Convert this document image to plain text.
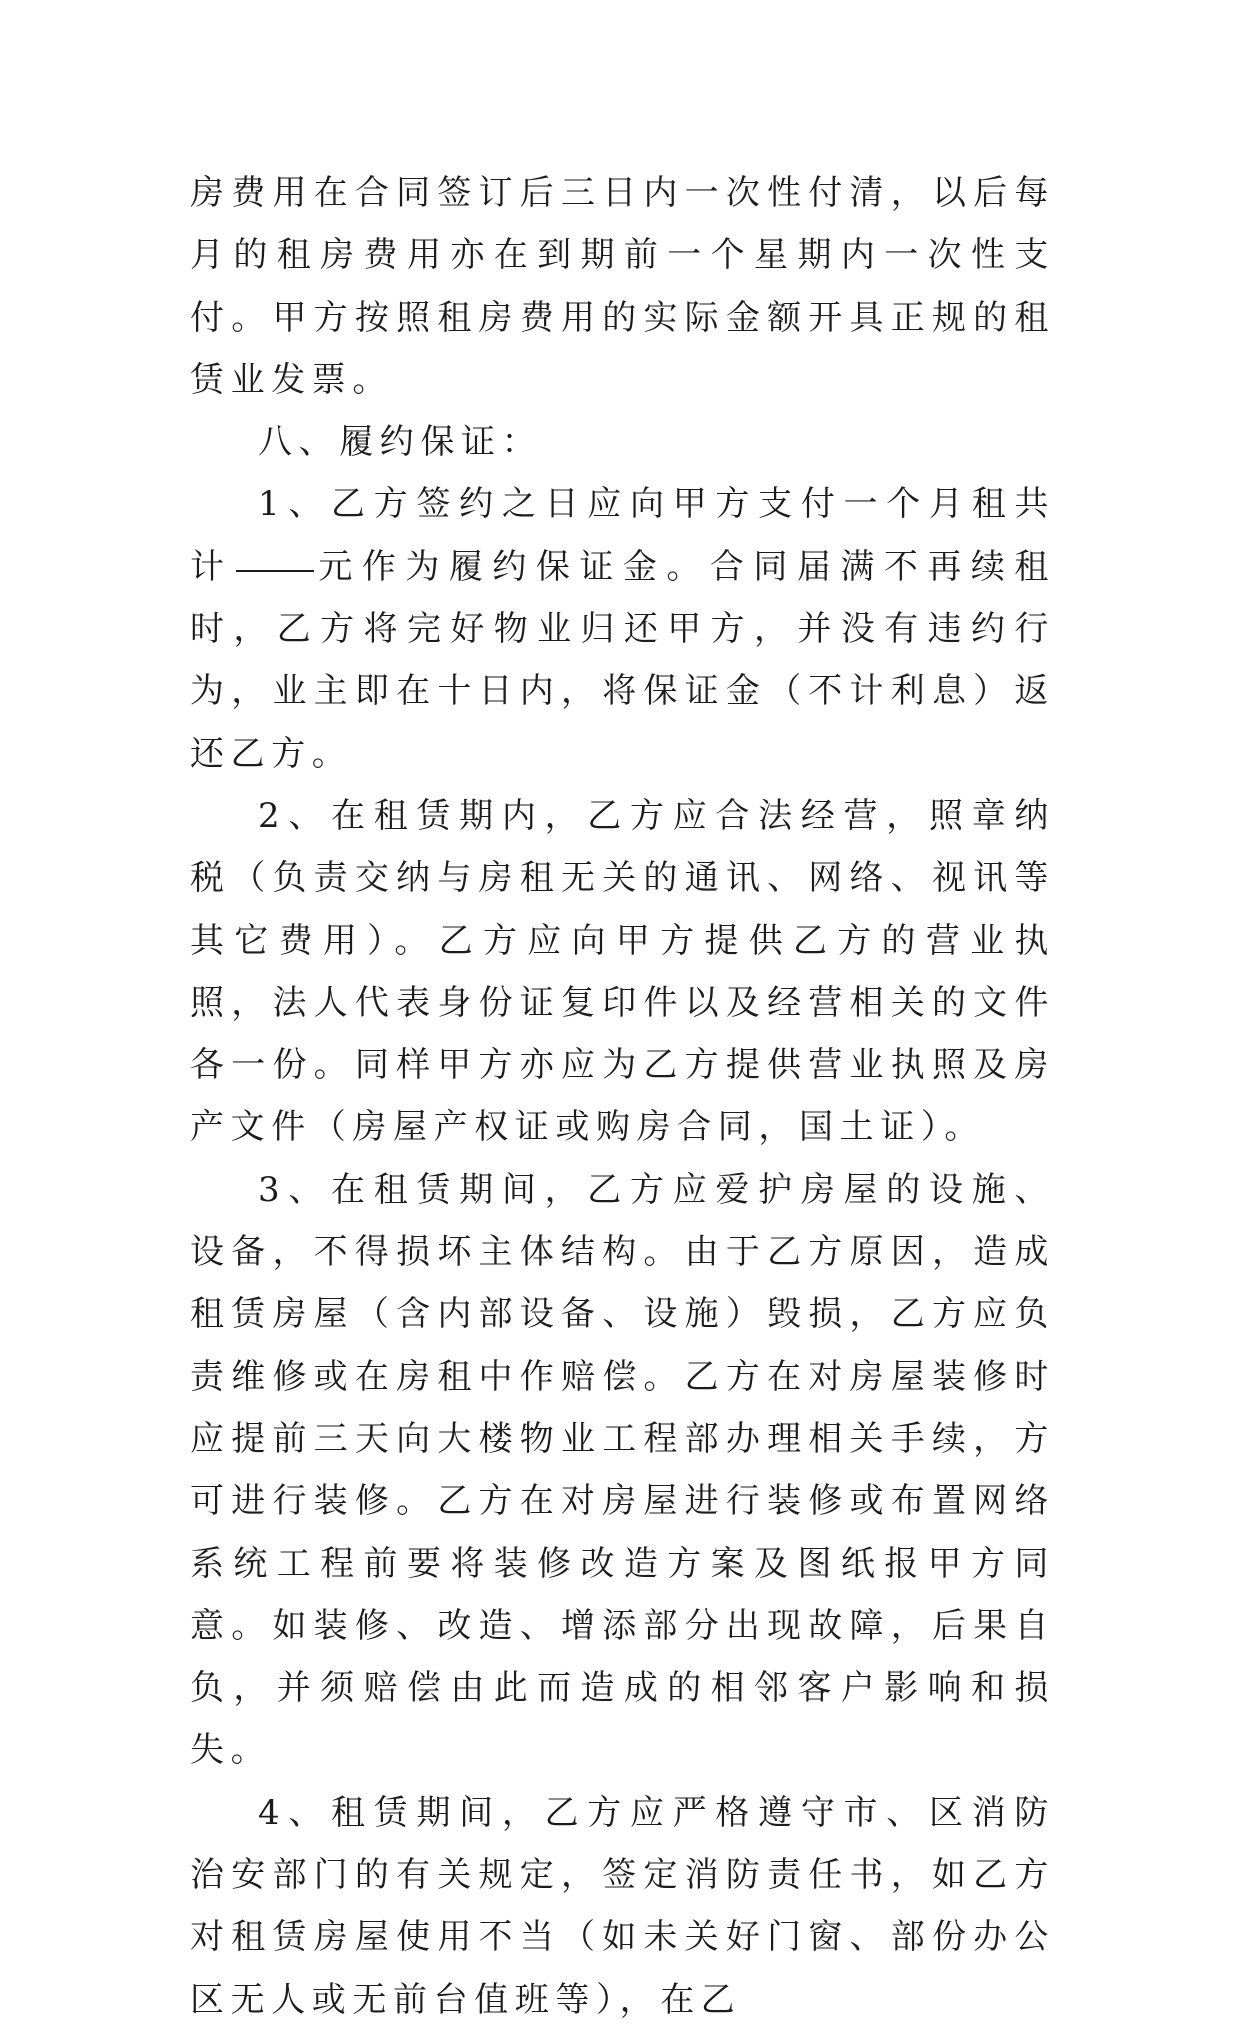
房费用在合同签订后三日内一次性付清，以后每月的租房费用亦在到期前一个星期内一次性支付。甲方按照租房费用的实际金额开具正规的租赁业发票。

八、履约保证：

1、乙方签约之日应向甲方支付一个月租共计 元作为履约保证金。合同届满不再续租时，乙方将完好物业归还甲方，并没有违约行为，业主即在十日内，将保证金（不计利息）返还乙方。

2、在租赁期内，乙方应合法经营，照章纳税（负责交纳与房租无关的通讯、网络、视讯等其它费用）。乙方应向甲方提供乙方的营业执照，法人代表身份证复印件以及经营相关的文件各一份。同样甲方亦应为乙方提供营业执照及房产文件（房屋产权证或购房合同，国土证）。

3、在租赁期间，乙方应爱护房屋的设施、设备，不得损坏主体结构。由于乙方原因，造成租赁房屋（含内部设备、设施）毁损，乙方应负责维修或在房租中作赔偿。乙方在对房屋装修时应提前三天向大楼物业工程部办理相关手续，方可进行装修。乙方在对房屋进行装修或布置网络系统工程前要将装修改造方案及图纸报甲方同意。如装修、改造、增添部分出现故障，后果自负，并须赔偿由此而造成的相邻客户影响和损失。

4、租赁期间，乙方应严格遵守市、区消防治安部门的有关规定，签定消防责任书，如乙方对租赁房屋使用不当（如未关好门窗、部份办公区无人或无前台值班等），在乙
